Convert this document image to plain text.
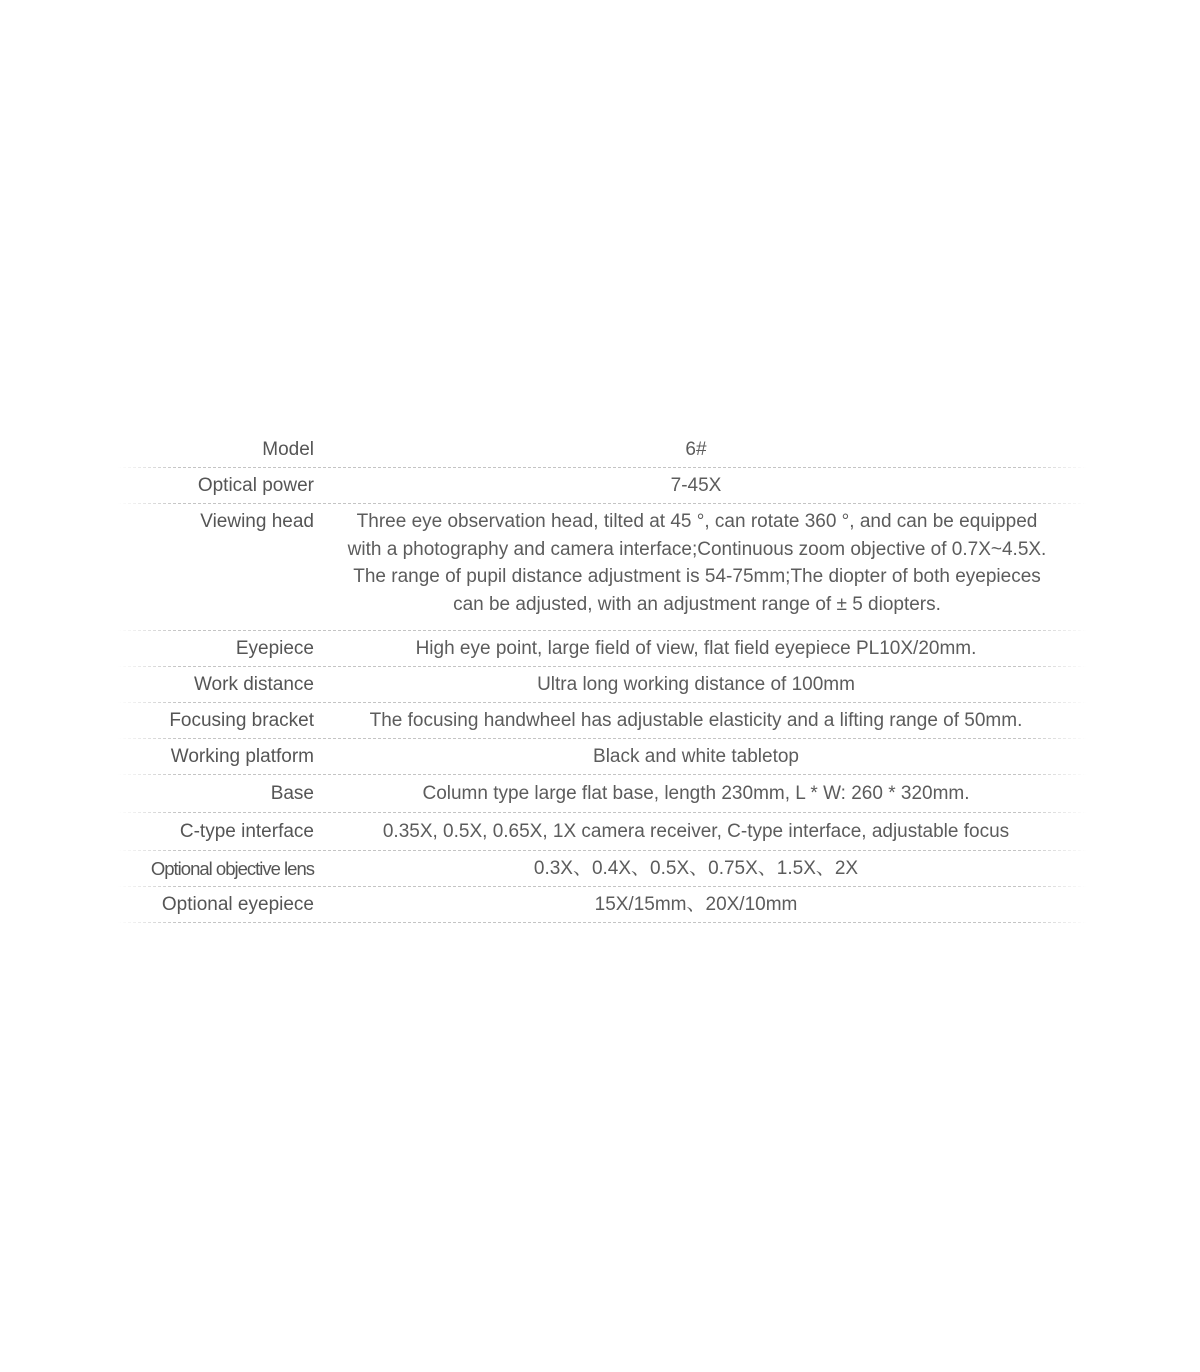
Model	6#
Optical power	7-45X
Viewing head	Three eye observation head, tilted at 45 °, can rotate 360 °, and can be equipped with a photography and camera interface;Continuous zoom objective of 0.7X~4.5X. The range of pupil distance adjustment is 54-75mm;The diopter of both eyepieces can be adjusted, with an adjustment range of ± 5 diopters.
Eyepiece	High eye point, large field of view, flat field eyepiece PL10X/20mm.
Work distance	Ultra long working distance of 100mm
Focusing bracket	The focusing handwheel has adjustable elasticity and a lifting range of 50mm.
Working platform	Black and white tabletop
Base	Column type large flat base, length 230mm, L * W: 260 * 320mm.
C-type interface	0.35X, 0.5X, 0.65X, 1X camera receiver, C-type interface, adjustable focus
Optional objective lens	0.3X、0.4X、0.5X、0.75X、1.5X、2X
Optional eyepiece	15X/15mm、20X/10mm
